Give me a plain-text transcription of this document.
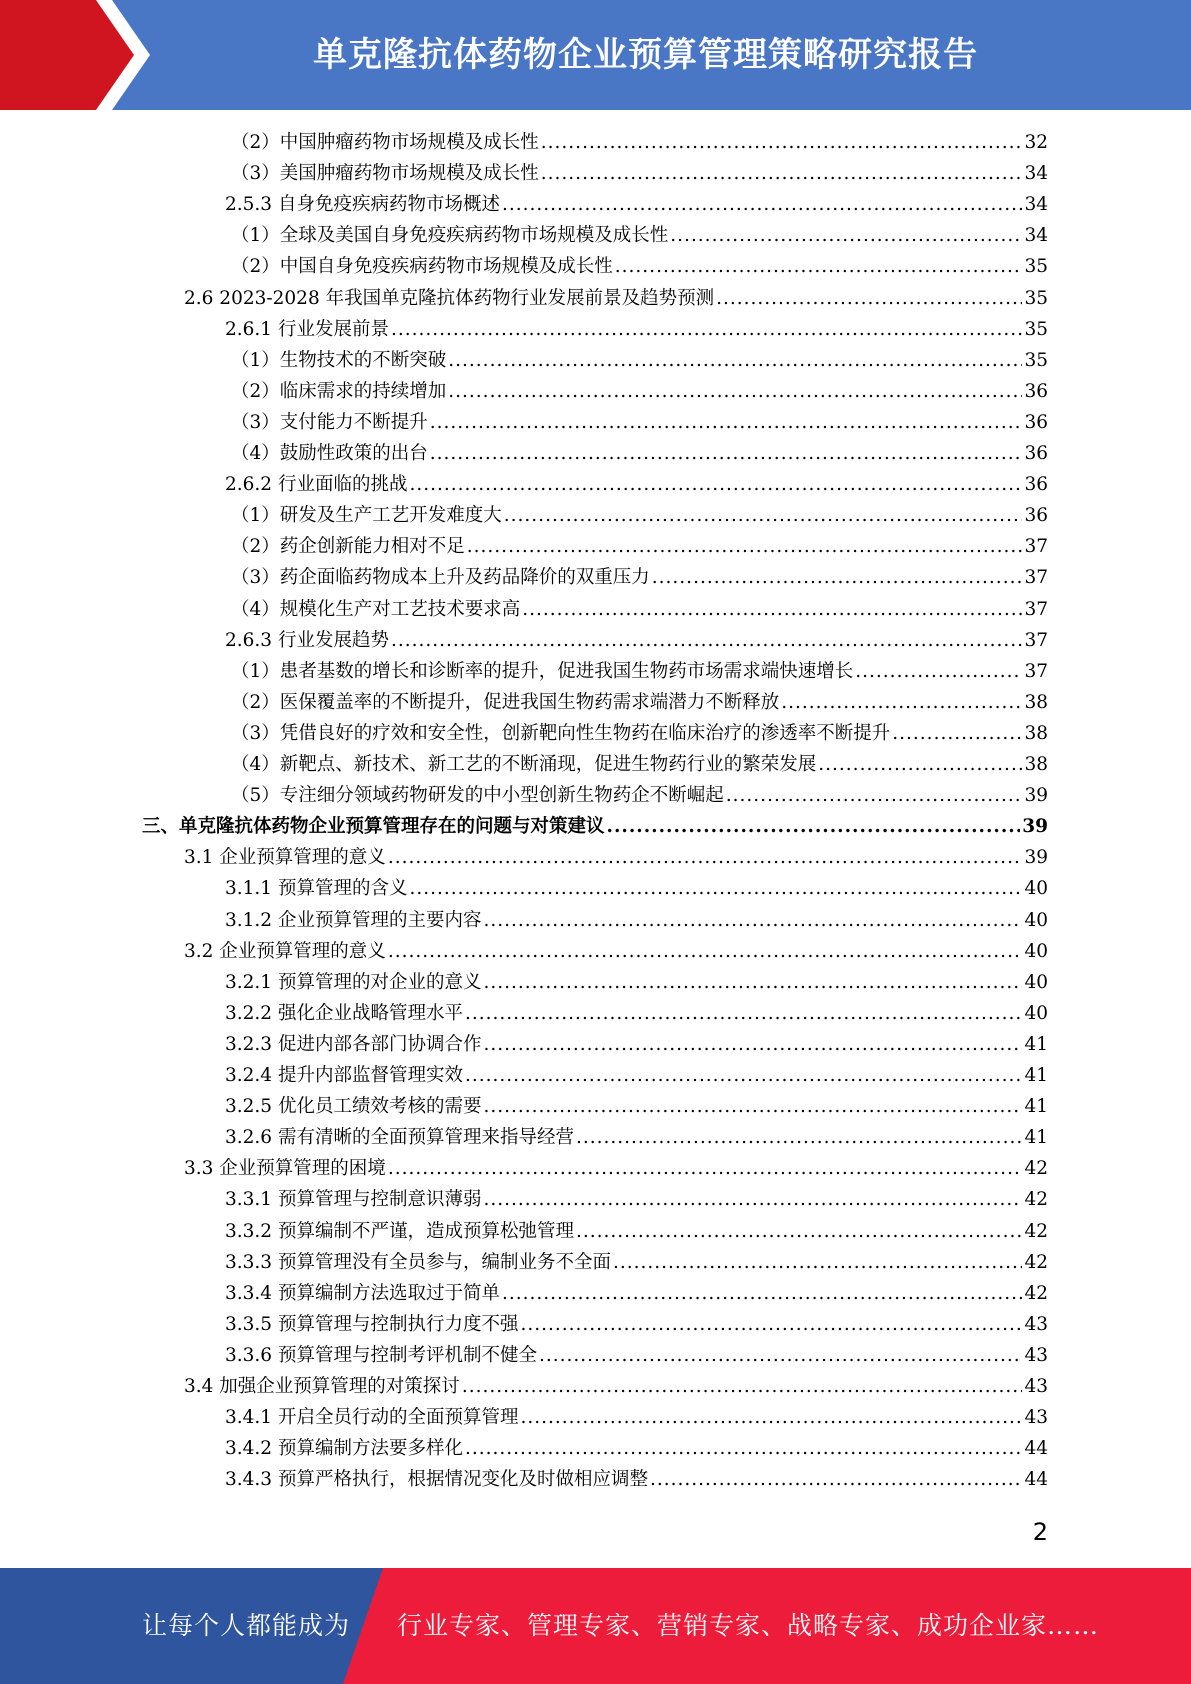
单克隆抗体药物企业预算管理策略研究报告
（2）中国肿瘤药物市场规模及成长性 .....	32
（3）美国肿瘤药物市场规模及成长性 .....	34
2.5.3 自身免疫疾病药物市场概述 .....	34
（1）全球及美国自身免疫疾病药物市场规模及成长性 .....	34
（2）中国自身免疫疾病药物市场规模及成长性 .....	35
2.6 2023-2028 年我国单克隆抗体药物行业发展前景及趋势预测 .....	35
2.6.1 行业发展前景 .....	35
（1）生物技术的不断突破 .....	35
（2）临床需求的持续增加 .....	36
（3）支付能力不断提升 .....	36
（4）鼓励性政策的出台 .....	36
2.6.2 行业面临的挑战 .....	36
（1）研发及生产工艺开发难度大 .....	36
（2）药企创新能力相对不足 .....	37
（3）药企面临药物成本上升及药品降价的双重压力 .....	37
（4）规模化生产对工艺技术要求高 .....	37
2.6.3 行业发展趋势 .....	37
（1）患者基数的增长和诊断率的提升，促进我国生物药市场需求端快速增长 .....	37
（2）医保覆盖率的不断提升，促进我国生物药需求端潜力不断释放 .....	38
（3）凭借良好的疗效和安全性，创新靶向性生物药在临床治疗的渗透率不断提升 .....	38
（4）新靶点、新技术、新工艺的不断涌现，促进生物药行业的繁荣发展 .....	38
（5）专注细分领域药物研发的中小型创新生物药企不断崛起 .....	39
三、单克隆抗体药物企业预算管理存在的问题与对策建议 .....	39
3.1 企业预算管理的意义 .....	39
3.1.1 预算管理的含义 .....	40
3.1.2 企业预算管理的主要内容 .....	40
3.2 企业预算管理的意义 .....	40
3.2.1 预算管理的对企业的意义 .....	40
3.2.2 强化企业战略管理水平 .....	40
3.2.3 促进内部各部门协调合作 .....	41
3.2.4 提升内部监督管理实效 .....	41
3.2.5 优化员工绩效考核的需要 .....	41
3.2.6 需有清晰的全面预算管理来指导经营 .....	41
3.3 企业预算管理的困境 .....	42
3.3.1 预算管理与控制意识薄弱 .....	42
3.3.2 预算编制不严谨，造成预算松弛管理 .....	42
3.3.3 预算管理没有全员参与，编制业务不全面 .....	42
3.3.4 预算编制方法选取过于简单 .....	42
3.3.5 预算管理与控制执行力度不强 .....	43
3.3.6 预算管理与控制考评机制不健全 .....	43
3.4 加强企业预算管理的对策探讨 .....	43
3.4.1 开启全员行动的全面预算管理 .....	43
3.4.2 预算编制方法要多样化 .....	44
3.4.3 预算严格执行，根据情况变化及时做相应调整 .....	44
2
让每个人都能成为 行业专家、管理专家、营销专家、战略专家、成功企业家……
